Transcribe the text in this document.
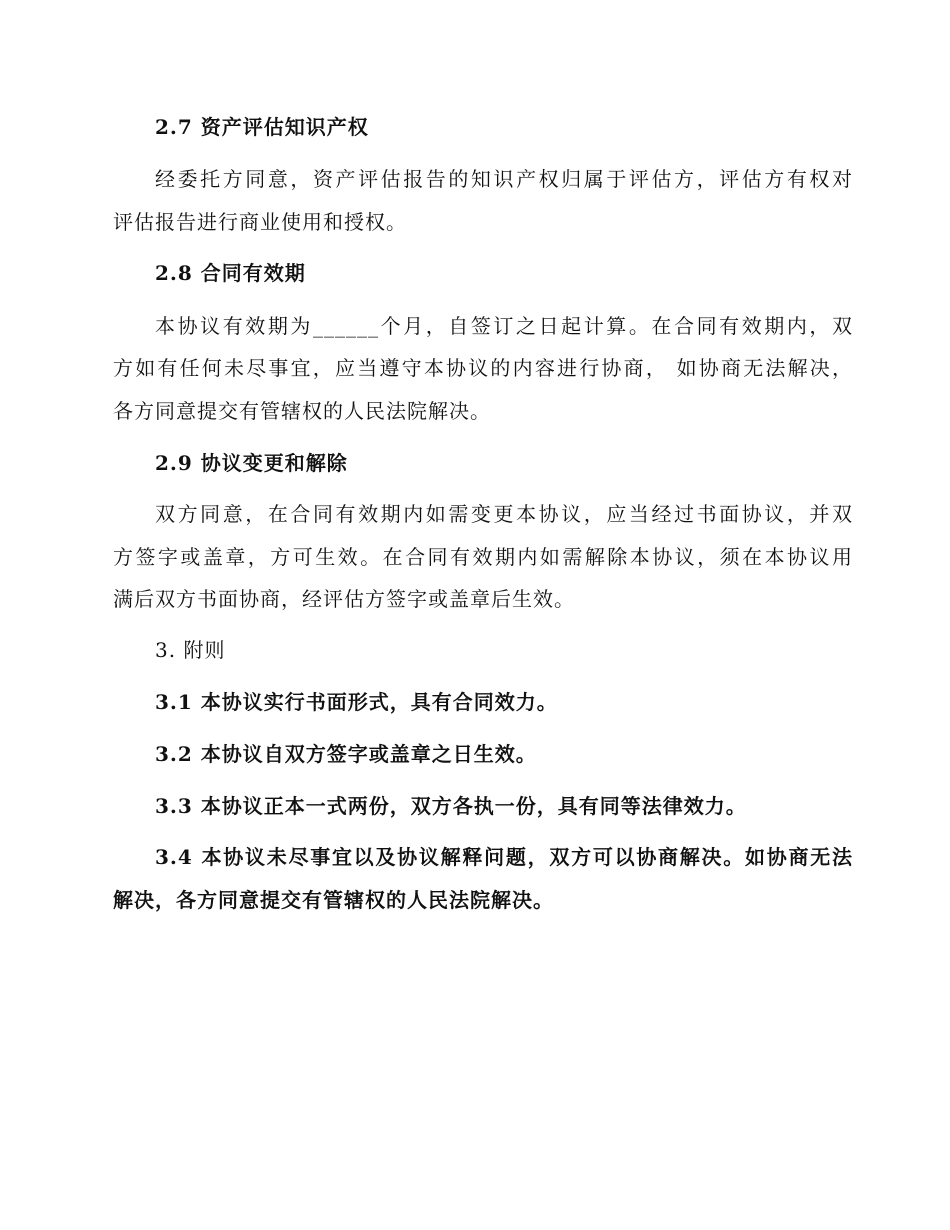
2.7 资产评估知识产权
经委托方同意，资产评估报告的知识产权归属于评估方，评估方有权对
评估报告进行商业使用和授权。
2.8 合同有效期
本协议有效期为______个月，自签订之日起计算。在合同有效期内，双
方如有任何未尽事宜，应当遵守本协议的内容进行协商， 如协商无法解决，
各方同意提交有管辖权的人民法院解决。
2.9 协议变更和解除
双方同意，在合同有效期内如需变更本协议，应当经过书面协议，并双
方签字或盖章，方可生效。在合同有效期内如需解除本协议，须在本协议用
满后双方书面协商，经评估方签字或盖章后生效。
3. 附则
3.1 本协议实行书面形式，具有合同效力。
3.2 本协议自双方签字或盖章之日生效。
3.3 本协议正本一式两份，双方各执一份，具有同等法律效力。
3.4 本协议未尽事宜以及协议解释问题，双方可以协商解决。如协商无法
解决，各方同意提交有管辖权的人民法院解决。
